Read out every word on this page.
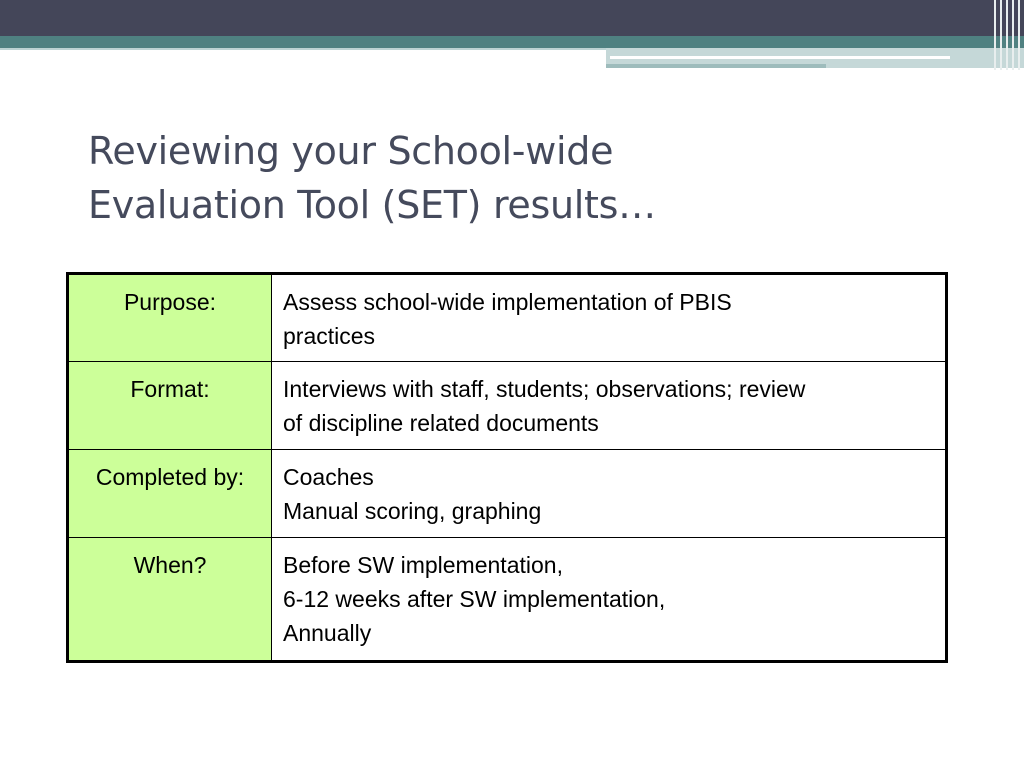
Reviewing your School-wide
Evaluation Tool (SET) results…
Purpose:	Assess school-wide implementation of PBIS
practices

Format:	Interviews with staff, students; observations; review
of discipline related documents

Completed by:	Coaches
Manual scoring, graphing

When?	Before SW implementation,
6-12 weeks after SW implementation,
Annually
